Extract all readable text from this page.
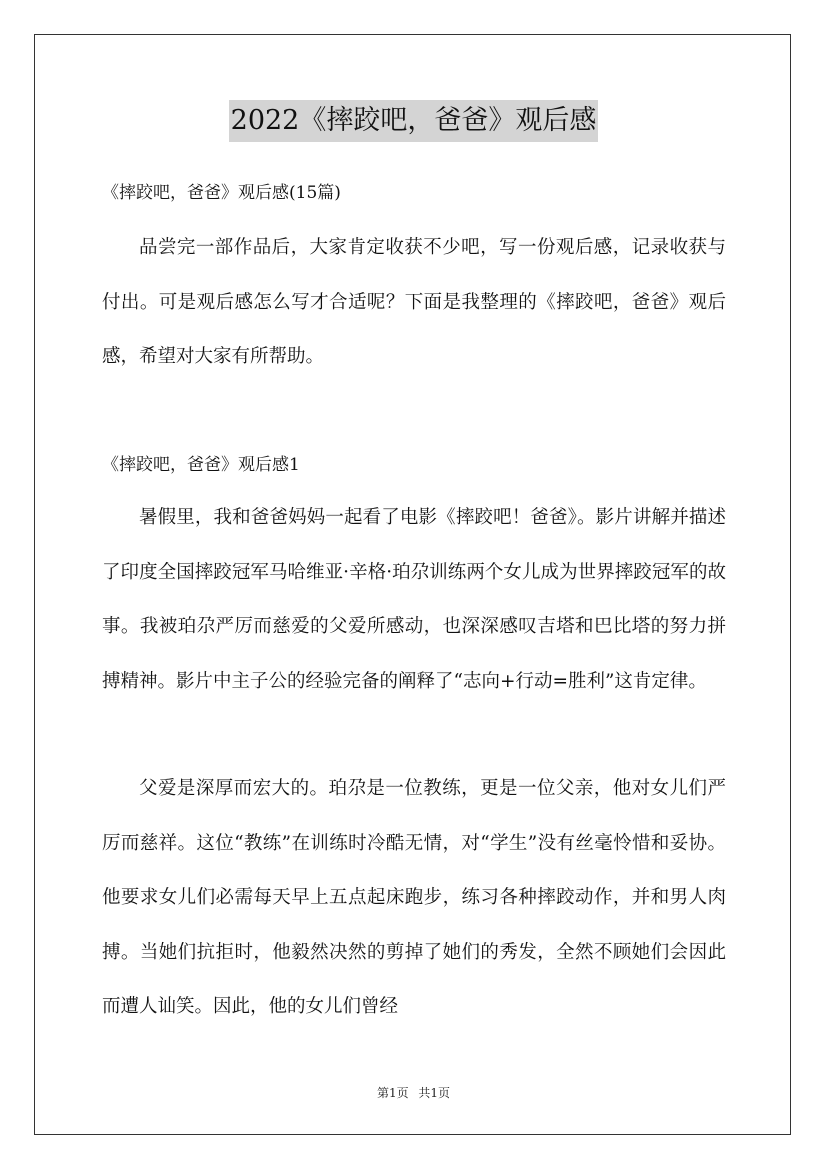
2022《摔跤吧，爸爸》观后感
《摔跤吧，爸爸》观后感(15篇)

品尝完一部作品后，大家肯定收获不少吧，写一份观后感，记录收获与付出。可是观后感怎么写才合适呢？下面是我整理的《摔跤吧，爸爸》观后感，希望对大家有所帮助。

《摔跤吧，爸爸》观后感1

暑假里，我和爸爸妈妈一起看了电影《摔跤吧！爸爸》。影片讲解并描述了印度全国摔跤冠军马哈维亚·辛格·珀尕训练两个女儿成为世界摔跤冠军的故事。我被珀尕严厉而慈爱的父爱所感动，也深深感叹吉塔和巴比塔的努力拼搏精神。影片中主子公的经验完备的阐释了“志向+行动=胜利”这肯定律。

父爱是深厚而宏大的。珀尕是一位教练，更是一位父亲，他对女儿们严厉而慈祥。这位“教练”在训练时冷酷无情，对“学生”没有丝毫怜惜和妥协。他要求女儿们必需每天早上五点起床跑步，练习各种摔跤动作，并和男人肉搏。当她们抗拒时，他毅然决然的剪掉了她们的秀发，全然不顾她们会因此而遭人讪笑。因此，他的女儿们曾经

第1页 共1页
